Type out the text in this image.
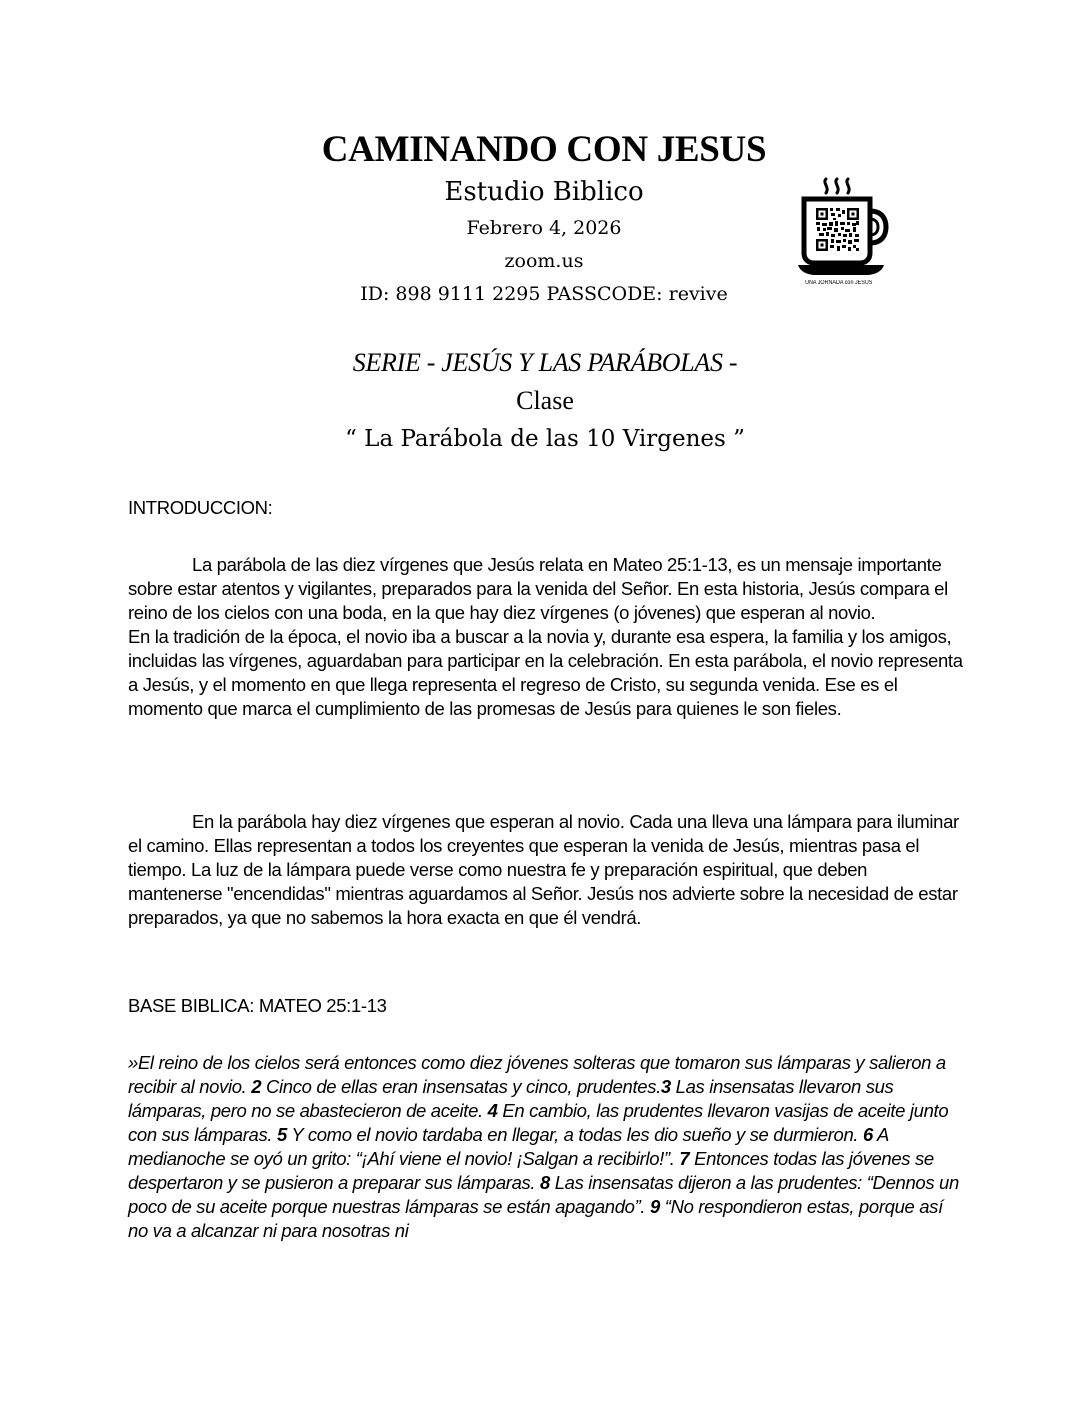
CAMINANDO CON JESUS

Estudio Biblico

Febrero 4, 2026

zoom.us

ID: 898 9111 2295 PASSCODE: revive	UNA JORNADA con JESUS

SERIE - JESÚS Y LAS PARÁBOLAS -

Clase

“ La Parábola de las 10 Virgenes ”

INTRODUCCION:

La parábola de las diez vírgenes que Jesús relata en Mateo 25:1-13, es un mensaje importante sobre estar atentos y vigilantes, preparados para la venida del Señor. En esta historia, Jesús compara el reino de los cielos con una boda, en la que hay diez vírgenes (o jóvenes) que esperan al novio.

En la tradición de la época, el novio iba a buscar a la novia y, durante esa espera, la familia y los amigos, incluidas las vírgenes, aguardaban para participar en la celebración. En esta parábola, el novio representa a Jesús, y el momento en que llega representa el regreso de Cristo, su segunda venida. Ese es el momento que marca el cumplimiento de las promesas de Jesús para quienes le son fieles.

En la parábola hay diez vírgenes que esperan al novio. Cada una lleva una lámpara para iluminar el camino. Ellas representan a todos los creyentes que esperan la venida de Jesús, mientras pasa el tiempo. La luz de la lámpara puede verse como nuestra fe y preparación espiritual, que deben mantenerse "encendidas" mientras aguardamos al Señor. Jesús nos advierte sobre la necesidad de estar preparados, ya que no sabemos la hora exacta en que él vendrá.

BASE BIBLICA: MATEO 25:1-13

»El reino de los cielos será entonces como diez jóvenes solteras que tomaron sus lámparas y salieron a recibir al novio. 2 Cinco de ellas eran insensatas y cinco, prudentes.3 Las insensatas llevaron sus lámparas, pero no se abastecieron de aceite. 4 En cambio, las prudentes llevaron vasijas de aceite junto con sus lámparas. 5 Y como el novio tardaba en llegar, a todas les dio sueño y se durmieron. 6 A medianoche se oyó un grito: “¡Ahí viene el novio! ¡Salgan a recibirlo!”. 7 Entonces todas las jóvenes se despertaron y se pusieron a preparar sus lámparas. 8 Las insensatas dijeron a las prudentes: “Dennos un poco de su aceite porque nuestras lámparas se están apagando”. 9 “No respondieron estas, porque así no va a alcanzar ni para nosotras ni
